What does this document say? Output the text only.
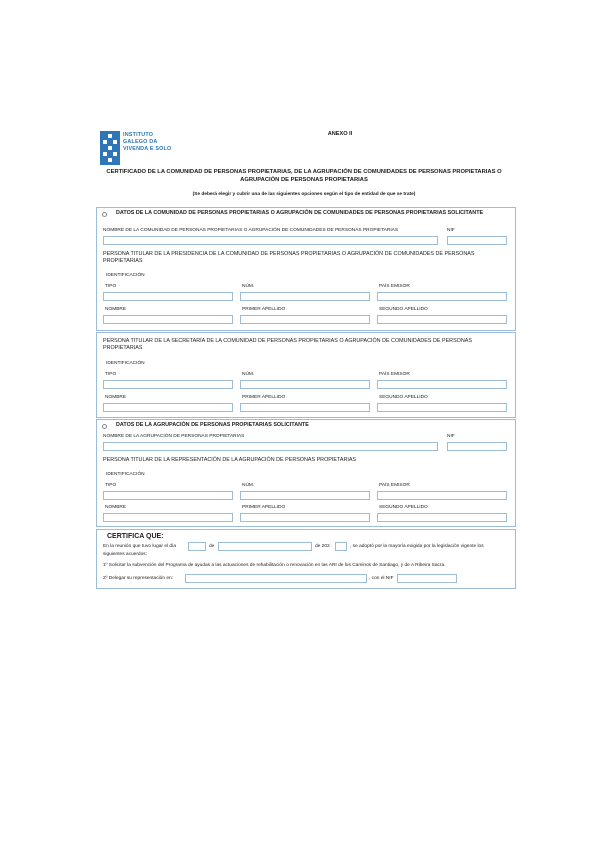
INSTITUTO
GALEGO DA
VIVENDA E SOLO
ANEXO II
CERTIFICADO DE LA COMUNIDAD DE PERSONAS PROPIETARIAS, DE LA AGRUPACIÓN DE COMUNIDADES DE PERSONAS PROPIETARIAS O AGRUPACIÓN DE PERSONAS PROPIETARIAS
(Se deberá elegir y cubrir una de las siguientes opciones según el tipo de entidad de que se trate)
DATOS DE LA COMUNIDAD DE PERSONAS PROPIETARIAS O AGRUPACIÓN DE COMUNIDADES DE PERSONAS PROPIETARIAS SOLICITANTE
NOMBRE DE LA COMUNIDAD DE PERSONAS PROPIETARIAS O AGRUPACIÓN DE COMUNIDADES DE PERSONAS PROPIETARIAS	NIF
PERSONA TITULAR DE LA PRESIDENCIA DE LA COMUNIDAD DE PERSONAS PROPIETARIAS O AGRUPACIÓN DE COMUNIDADES DE PERSONAS PROPIETARIAS
IDENTIFICACIÓN
TIPO	NÚM.	PAÍS EMISOR
NOMBRE	PRIMER APELLIDO	SEGUNDO APELLIDO
PERSONA TITULAR DE LA SECRETARÍA DE LA COMUNIDAD DE PERSONAS PROPIETARIAS O AGRUPACIÓN DE COMUNIDADES DE PERSONAS PROPIETARIAS
IDENTIFICACIÓN
TIPO	NÚM.	PAÍS EMISOR
NOMBRE	PRIMER APELLIDO	SEGUNDO APELLIDO
DATOS DE LA AGRUPACIÓN DE PERSONAS PROPIETARIAS SOLICITANTE
NOMBRE DE LA AGRUPACIÓN DE PERSONAS PROPIETARIAS	NIF
PERSONA TITULAR DE LA REPRESENTACIÓN DE LA AGRUPACIÓN DE PERSONAS PROPIETARIAS
IDENTIFICACIÓN
TIPO	NÚM.	PAÍS EMISOR
NOMBRE	PRIMER APELLIDO	SEGUNDO APELLIDO
CERTIFICA QUE:
En la reunión que tuvo lugar el día	de	de 202	, se adoptó por la mayoría exigida por la legislación vigente los
siguientes acuerdos:
1º Solicitar la subvención del Programa de ayudas a las actuaciones de rehabilitación o renovación en las ARI de los Caminos de Santiago, y de A Ribeira Sacra.
2º Delegar su representación en:	, con el NIF
